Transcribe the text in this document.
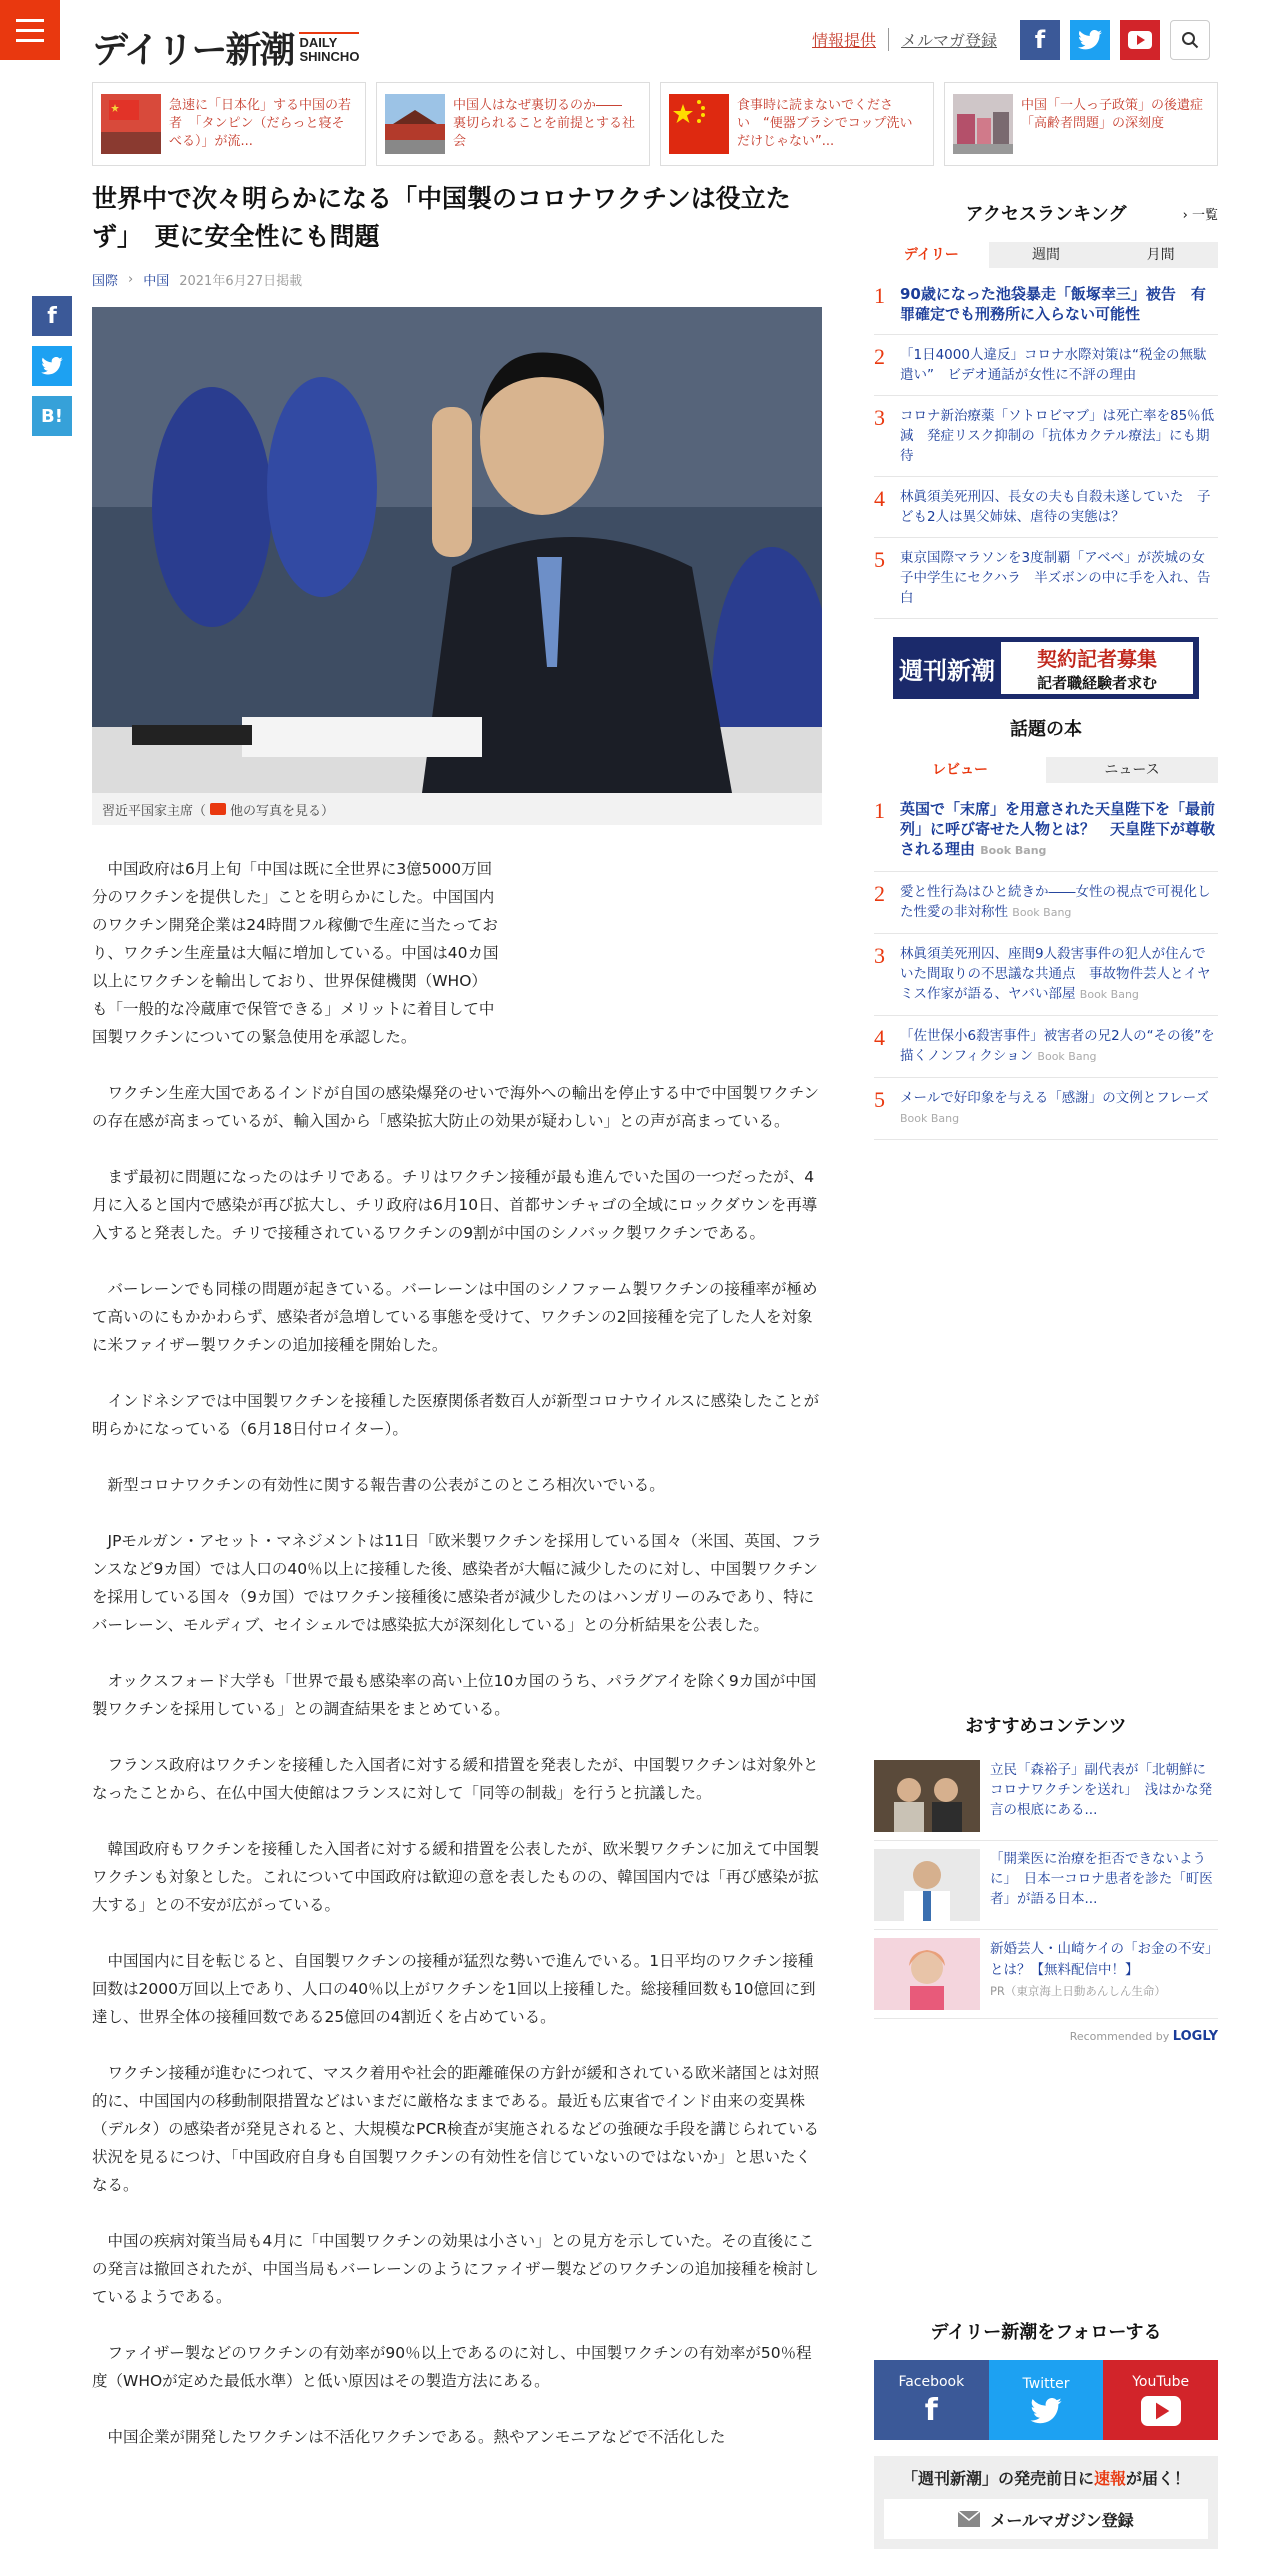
デイリー新潮 DAILY
SHINCHO
情報提供	メルマガ登録	f
急速に「日本化」する中国の若者　「タンピン（だらっと寝そべる）」が流...
中国人はなぜ裏切るのか――　裏切られることを前提とする社会
食事時に読まないでください　“便器ブラシでコップ洗いだけじゃない”...
中国「一人っ子政策」の後遺症「高齢者問題」の深刻度
f
B!
世界中で次々明らかになる「中国製のコロナワクチンは役立たず」　更に安全性にも問題
国際 › 中国 2021年6月27日掲載
習近平国家主席（ 他の写真を見る）

中国政府は6月上旬「中国は既に全世界に3億5000万回分のワクチンを提供した」ことを明らかにした。中国国内のワクチン開発企業は24時間フル稼働で生産に当たっており、ワクチン生産量は大幅に増加している。中国は40カ国以上にワクチンを輸出しており、世界保健機関（WHO）も「一般的な冷蔵庫で保管できる」メリットに着目して中国製ワクチンについての緊急使用を承認した。

ワクチン生産大国であるインドが自国の感染爆発のせいで海外への輸出を停止する中で中国製ワクチンの存在感が高まっているが、輸入国から「感染拡大防止の効果が疑わしい」との声が高まっている。

まず最初に問題になったのはチリである。チリはワクチン接種が最も進んでいた国の一つだったが、4月に入ると国内で感染が再び拡大し、チリ政府は6月10日、首都サンチャゴの全域にロックダウンを再導入すると発表した。チリで接種されているワクチンの9割が中国のシノバック製ワクチンである。

バーレーンでも同様の問題が起きている。バーレーンは中国のシノファーム製ワクチンの接種率が極めて高いのにもかかわらず、感染者が急増している事態を受けて、ワクチンの2回接種を完了した人を対象に米ファイザー製ワクチンの追加接種を開始した。

インドネシアでは中国製ワクチンを接種した医療関係者数百人が新型コロナウイルスに感染したことが明らかになっている（6月18日付ロイター）。

新型コロナワクチンの有効性に関する報告書の公表がこのところ相次いでいる。

JPモルガン・アセット・マネジメントは11日「欧米製ワクチンを採用している国々（米国、英国、フランスなど9カ国）では人口の40％以上に接種した後、感染者が大幅に減少したのに対し、中国製ワクチンを採用している国々（9カ国）ではワクチン接種後に感染者が減少したのはハンガリーのみであり、特にバーレーン、モルディブ、セイシェルでは感染拡大が深刻化している」との分析結果を公表した。

オックスフォード大学も「世界で最も感染率の高い上位10カ国のうち、パラグアイを除く9カ国が中国製ワクチンを採用している」との調査結果をまとめている。

フランス政府はワクチンを接種した入国者に対する緩和措置を発表したが、中国製ワクチンは対象外となったことから、在仏中国大使館はフランスに対して「同等の制裁」を行うと抗議した。

韓国政府もワクチンを接種した入国者に対する緩和措置を公表したが、欧米製ワクチンに加えて中国製ワクチンも対象とした。これについて中国政府は歓迎の意を表したものの、韓国国内では「再び感染が拡大する」との不安が広がっている。

中国国内に目を転じると、自国製ワクチンの接種が猛烈な勢いで進んでいる。1日平均のワクチン接種回数は2000万回以上であり、人口の40％以上がワクチンを1回以上接種した。総接種回数も10億回に到達し、世界全体の接種回数である25億回の4割近くを占めている。

ワクチン接種が進むにつれて、マスク着用や社会的距離確保の方針が緩和されている欧米諸国とは対照的に、中国国内の移動制限措置などはいまだに厳格なままである。最近も広東省でインド由来の変異株（デルタ）の感染者が発見されると、大規模なPCR検査が実施されるなどの強硬な手段を講じられている状況を見るにつけ、「中国政府自身も自国製ワクチンの有効性を信じていないのではないか」と思いたくなる。

中国の疾病対策当局も4月に「中国製ワクチンの効果は小さい」との見方を示していた。その直後にこの発言は撤回されたが、中国当局もバーレーンのようにファイザー製などのワクチンの追加接種を検討しているようである。

ファイザー製などのワクチンの有効率が90％以上であるのに対し、中国製ワクチンの有効率が50％程度（WHOが定めた最低水準）と低い原因はその製造方法にある。

中国企業が開発したワクチンは不活化ワクチンである。熱やアンモニアなどで不活化した

アクセスランキング	› 一覧
デイリー	週間	月間
1	90歳になった池袋暴走「飯塚幸三」被告　有罪確定でも刑務所に入らない可能性
2	「1日4000人違反」コロナ水際対策は“税金の無駄遣い”　ビデオ通話が女性に不評の理由
3	コロナ新治療薬「ソトロビマブ」は死亡率を85％低減　発症リスク抑制の「抗体カクテル療法」にも期待
4	林眞須美死刑囚、長女の夫も自殺未遂していた　子ども2人は異父姉妹、虐待の実態は？
5	東京国際マラソンを3度制覇「アベベ」が茨城の女子中学生にセクハラ　半ズボンの中に手を入れ、告白
週刊新潮	契約記者募集
記者職経験者求む
話題の本
レビュー	ニュース
1	英国で「末席」を用意された天皇陛下を「最前列」に呼び寄せた人物とは？　天皇陛下が尊敬される理由 Book Bang
2	愛と性行為はひと続きか――女性の視点で可視化した性愛の非対称性 Book Bang
3	林眞須美死刑囚、座間9人殺害事件の犯人が住んでいた間取りの不思議な共通点　事故物件芸人とイヤミス作家が語る、ヤバい部屋 Book Bang
4	「佐世保小6殺害事件」被害者の兄2人の“その後”を描くノンフィクション Book Bang
5	メールで好印象を与える「感謝」の文例とフレーズ Book Bang
おすすめコンテンツ
立民「森裕子」副代表が「北朝鮮にコロナワクチンを送れ」　浅はかな発言の根底にある...
「開業医に治療を拒否できないように」　日本一コロナ患者を診た「町医者」が語る日本...
新婚芸人・山崎ケイの「お金の不安」とは？【無料配信中！】
PR（東京海上日動あんしん生命）
Recommended by LOGLY
デイリー新潮をフォローする
Facebook
f
Twitter	YouTube
「週刊新潮」の発売前日に速報が届く！
メールマガジン登録
